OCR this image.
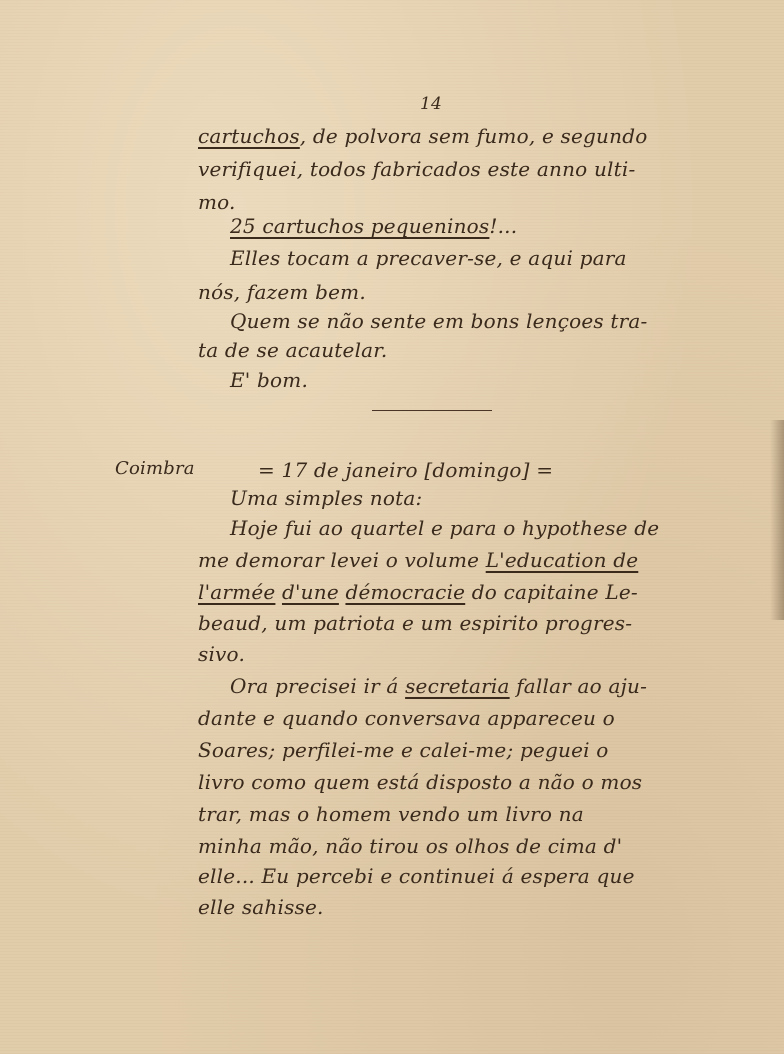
14
Coimbra
cartuchos, de polvora sem fumo, e segundo
verifiquei, todos fabricados este anno ulti-
mo.
25 cartuchos pequeninos!...
Elles tocam a precaver-se, e aqui para
nós, fazem bem.
Quem se não sente em bons lençoes tra-
ta de se acautelar.
E' bom.
= 17 de janeiro [domingo] =
Uma simples nota:
Hoje fui ao quartel e para o hypothese de
me demorar levei o volume L'education de
l'armée d'une démocracie do capitaine Le-
beaud, um patriota e um espirito progres-
sivo.
Ora precisei ir á secretaria fallar ao aju-
dante e quando conversava appareceu o
Soares; perfilei-me e calei-me; peguei o
livro como quem está disposto a não o mos
trar, mas o homem vendo um livro na
minha mão, não tirou os olhos de cima d'
elle... Eu percebi e continuei á espera que
elle sahisse.
